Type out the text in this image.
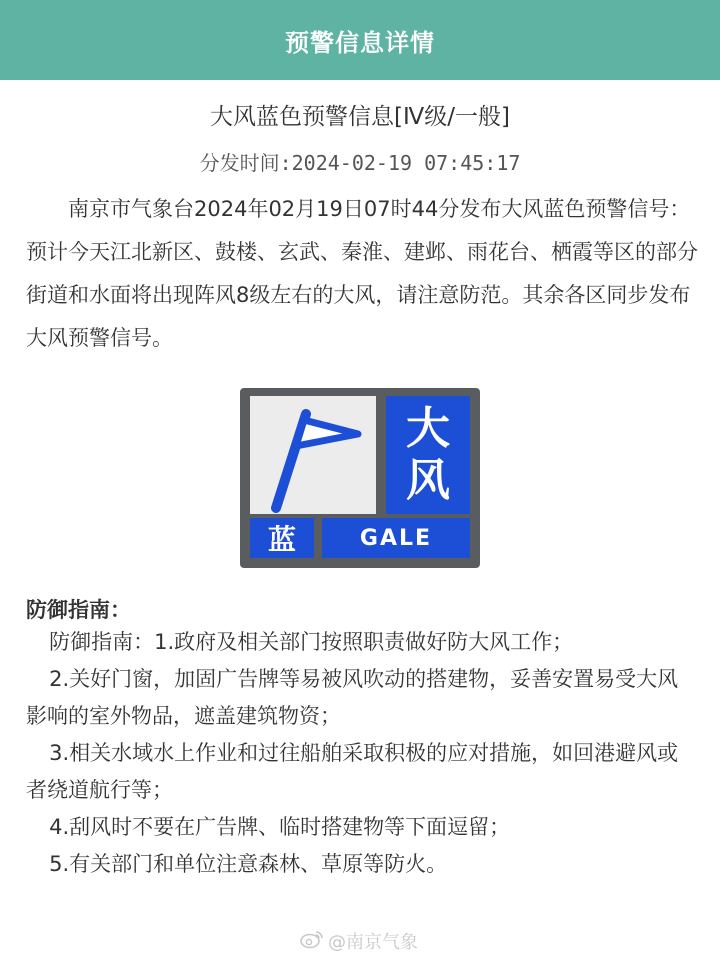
预警信息详情
大风蓝色预警信息[Ⅳ级/一般]
分发时间:2024-02-19 07:45:17
南京市气象台2024年02月19日07时44分发布大风蓝色预警信号：预计今天江北新区、鼓楼、玄武、秦淮、建邺、雨花台、栖霞等区的部分街道和水面将出现阵风8级左右的大风，请注意防范。其余各区同步发布大风预警信号。
大
风
蓝	GALE
防御指南：
防御指南：1.政府及相关部门按照职责做好防大风工作；
2.关好门窗，加固广告牌等易被风吹动的搭建物，妥善安置易受大风影响的室外物品，遮盖建筑物资；
3.相关水域水上作业和过往船舶采取积极的应对措施，如回港避风或者绕道航行等；
4.刮风时不要在广告牌、临时搭建物等下面逗留；
5.有关部门和单位注意森林、草原等防火。
@南京气象
